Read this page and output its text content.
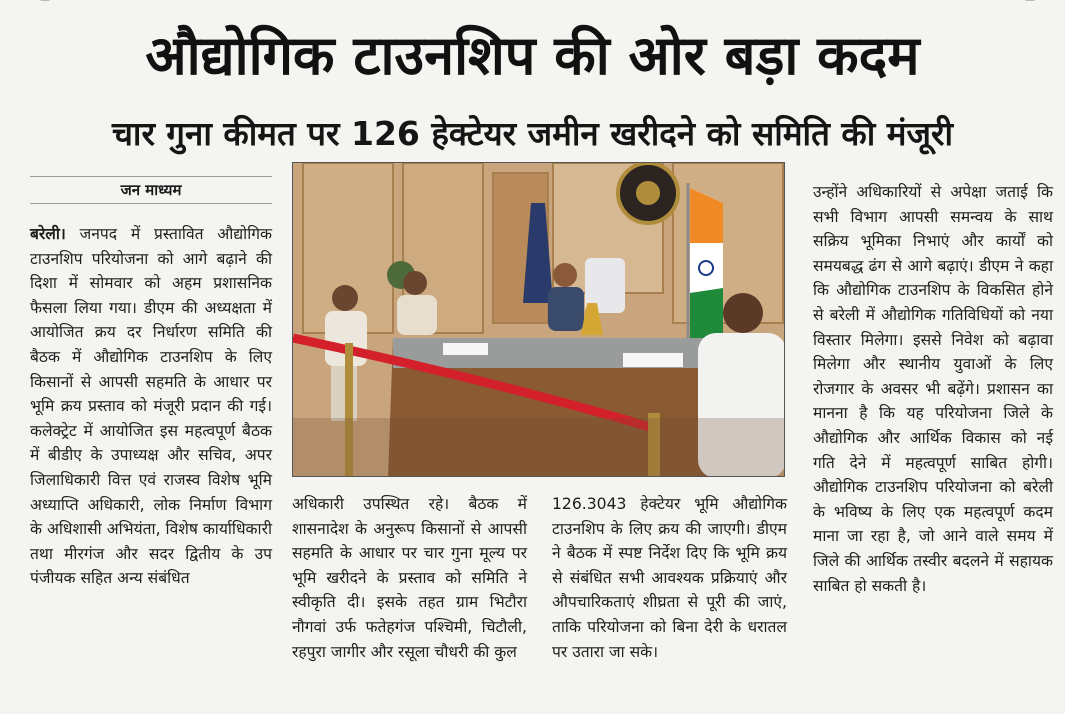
—	—
औद्योगिक टाउनशिप की ओर बड़ा कदम
चार गुना कीमत पर 126 हेक्टेयर जमीन खरीदने को समिति की मंजूरी
जन माध्यम

बरेली। जनपद में प्रस्तावित औद्योगिक टाउनशिप परियोजना को आगे बढ़ाने की दिशा में सोमवार को अहम प्रशासनिक फैसला लिया गया। डीएम की अध्यक्षता में आयोजित क्रय दर निर्धारण समिति की बैठक में औद्योगिक टाउनशिप के लिए किसानों से आपसी सहमति के आधार पर भूमि क्रय प्रस्ताव को मंजूरी प्रदान की गई। कलेक्ट्रेट में आयोजित इस महत्वपूर्ण बैठक में बीडीए के उपाध्यक्ष और सचिव, अपर जिलाधिकारी वित्त एवं राजस्व विशेष भूमि अध्याप्ति अधिकारी, लोक निर्माण विभाग के अधिशासी अभियंता, विशेष कार्याधिकारी तथा मीरगंज और सदर द्वितीय के उप पंजीयक सहित अन्य संबंधित

अधिकारी उपस्थित रहे। बैठक में शासनादेश के अनुरूप किसानों से आपसी सहमति के आधार पर चार गुना मूल्य पर भूमि खरीदने के प्रस्ताव को समिति ने स्वीकृति दी। इसके तहत ग्राम भिटौरा नौगवां उर्फ फतेहगंज पश्चिमी, चिटौली, रहपुरा जागीर और रसूला चौधरी की कुल

126.3043 हेक्टेयर भूमि औद्योगिक टाउनशिप के लिए क्रय की जाएगी। डीएम ने बैठक में स्पष्ट निर्देश दिए कि भूमि क्रय से संबंधित सभी आवश्यक प्रक्रियाएं और औपचारिकताएं शीघ्रता से पूरी की जाएं, ताकि परियोजना को बिना देरी के धरातल पर उतारा जा सके।

उन्होंने अधिकारियों से अपेक्षा जताई कि सभी विभाग आपसी समन्वय के साथ सक्रिय भूमिका निभाएं और कार्यों को समयबद्ध ढंग से आगे बढ़ाएं। डीएम ने कहा कि औद्योगिक टाउनशिप के विकसित होने से बरेली में औद्योगिक गतिविधियों को नया विस्तार मिलेगा। इससे निवेश को बढ़ावा मिलेगा और स्थानीय युवाओं के लिए रोजगार के अवसर भी बढ़ेंगे। प्रशासन का मानना है कि यह परियोजना जिले के औद्योगिक और आर्थिक विकास को नई गति देने में महत्वपूर्ण साबित होगी। औद्योगिक टाउनशिप परियोजना को बरेली के भविष्य के लिए एक महत्वपूर्ण कदम माना जा रहा है, जो आने वाले समय में जिले की आर्थिक तस्वीर बदलने में सहायक साबित हो सकती है।
